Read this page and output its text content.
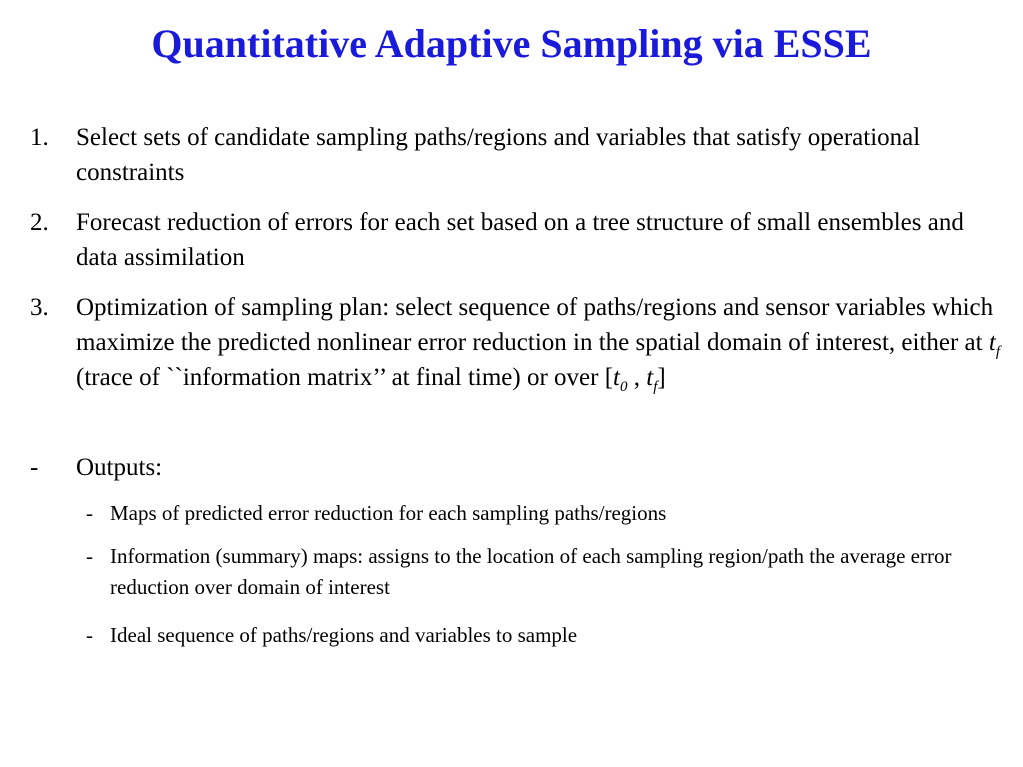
Quantitative Adaptive Sampling via ESSE
1. Select sets of candidate sampling paths/regions and variables that satisfy operational constraints
2. Forecast reduction of errors for each set based on a tree structure of small ensembles and data assimilation
3. Optimization of sampling plan: select sequence of paths/regions and sensor variables which maximize the predicted nonlinear error reduction in the spatial domain of interest, either at $t_f$ (trace of ``information matrix’’ at final time) or over [$t_0$ , $t_f$]
- Outputs:
- Maps of predicted error reduction for each sampling paths/regions
- Information (summary) maps: assigns to the location of each sampling region/path the average error reduction over domain of interest
- Ideal sequence of paths/regions and variables to sample
